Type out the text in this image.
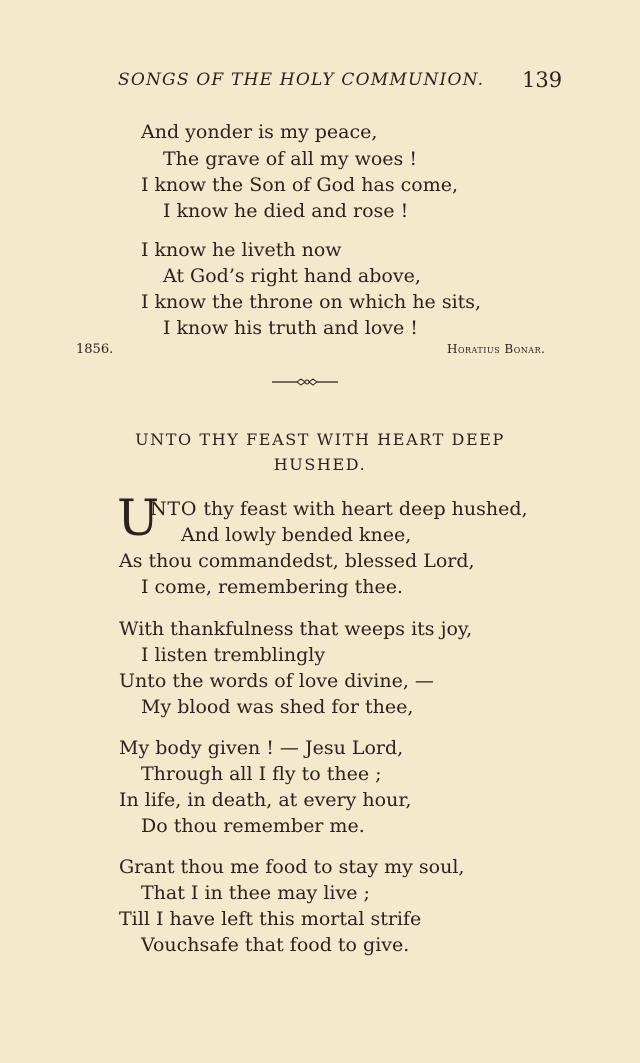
SONGS OF THE HOLY COMMUNION. 139
And yonder is my peace,
The grave of all my woes !
I know the Son of God has come,
I know he died and rose !
I know he liveth now
At God’s right hand above,
I know the throne on which he sits,
I know his truth and love !
1856.	Horatius Bonar.
UNTO THY FEAST WITH HEART DEEP
HUSHED.
U
NTO thy feast with heart deep hushed,
And lowly bended knee,
As thou commandedst, blessed Lord,
I come, remembering thee.
With thankfulness that weeps its joy,
I listen tremblingly
Unto the words of love divine, —
My blood was shed for thee,
My body given ! — Jesu Lord,
Through all I fly to thee ;
In life, in death, at every hour,
Do thou remember me.
Grant thou me food to stay my soul,
That I in thee may live ;
Till I have left this mortal strife
Vouchsafe that food to give.
